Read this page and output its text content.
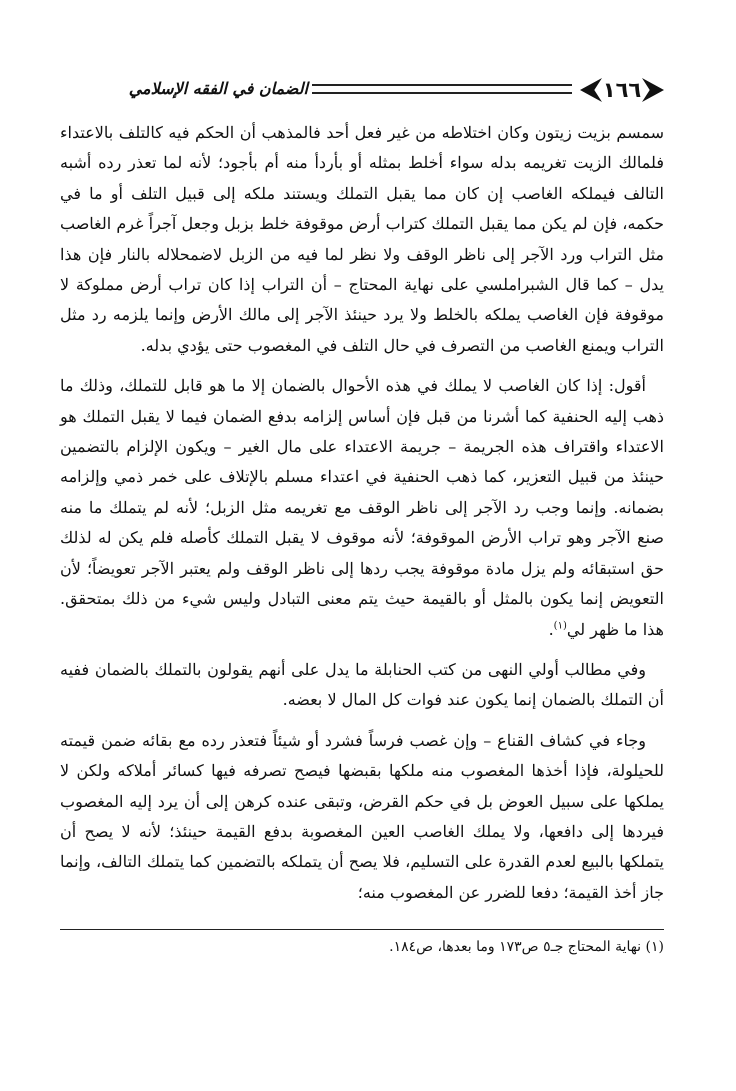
١٦٦
الضمان في الفقه الإسلامي

سمسم بزيت زيتون وكان اختلاطه من غير فعل أحد فالمذهب أن الحكم فيه كالتلف بالاعتداء فلمالك الزيت تغريمه بدله سواء أخلط بمثله أو بأردأ منه أم بأجود؛ لأنه لما تعذر رده أشبه التالف فيملكه الغاصب إن كان مما يقبل التملك ويستند ملكه إلى قبيل التلف أو ما في حكمه، فإن لم يكن مما يقبل التملك كتراب أرض موقوفة خلط بزبل وجعل آجراً غرم الغاصب مثل التراب ورد الآجر إلى ناظر الوقف ولا نظر لما فيه من الزبل لاضمحلاله بالنار فإن هذا يدل – كما قال الشبراملسي على نهاية المحتاج – أن التراب إذا كان تراب أرض مملوكة لا موقوفة فإن الغاصب يملكه بالخلط ولا يرد حينئذ الآجر إلى مالك الأرض وإنما يلزمه رد مثل التراب ويمنع الغاصب من التصرف في حال التلف في المغصوب حتى يؤدي بدله.

أقول: إذا كان الغاصب لا يملك في هذه الأحوال بالضمان إلا ما هو قابل للتملك، وذلك ما ذهب إليه الحنفية كما أشرنا من قبل فإن أساس إلزامه بدفع الضمان فيما لا يقبل التملك هو الاعتداء واقتراف هذه الجريمة – جريمة الاعتداء على مال الغير – ويكون الإلزام بالتضمين حينئذ من قبيل التعزير، كما ذهب الحنفية في اعتداء مسلم بالإتلاف على خمر ذمي وإلزامه بضمانه. وإنما وجب رد الآجر إلى ناظر الوقف مع تغريمه مثل الزبل؛ لأنه لم يتملك ما منه صنع الآجر وهو تراب الأرض الموقوفة؛ لأنه موقوف لا يقبل التملك كأصله فلم يكن له لذلك حق استبقائه ولم يزل مادة موقوفة يجب ردها إلى ناظر الوقف ولم يعتبر الآجر تعويضاً؛ لأن التعويض إنما يكون بالمثل أو بالقيمة حيث يتم معنى التبادل وليس شيء من ذلك بمتحقق. هذا ما ظهر لي$^{(١)}$.

وفي مطالب أولي النهى من كتب الحنابلة ما يدل على أنهم يقولون بالتملك بالضمان ففيه أن التملك بالضمان إنما يكون عند فوات كل المال لا بعضه.

وجاء في كشاف القناع – وإن غصب فرساً فشرد أو شيئاً فتعذر رده مع بقائه ضمن قيمته للحيلولة، فإذا أخذها المغصوب منه ملكها بقبضها فيصح تصرفه فيها كسائر أملاكه ولكن لا يملكها على سبيل العوض بل في حكم القرض، وتبقى عنده كرهن إلى أن يرد إليه المغصوب فيردها إلى دافعها، ولا يملك الغاصب العين المغصوبة بدفع القيمة حينئذ؛ لأنه لا يصح أن يتملكها بالبيع لعدم القدرة على التسليم، فلا يصح أن يتملكه بالتضمين كما يتملك التالف، وإنما جاز أخذ القيمة؛ دفعا للضرر عن المغصوب منه؛

(١) نهاية المحتاج جـ٥ ص١٧٣ وما بعدها، ص١٨٤.
